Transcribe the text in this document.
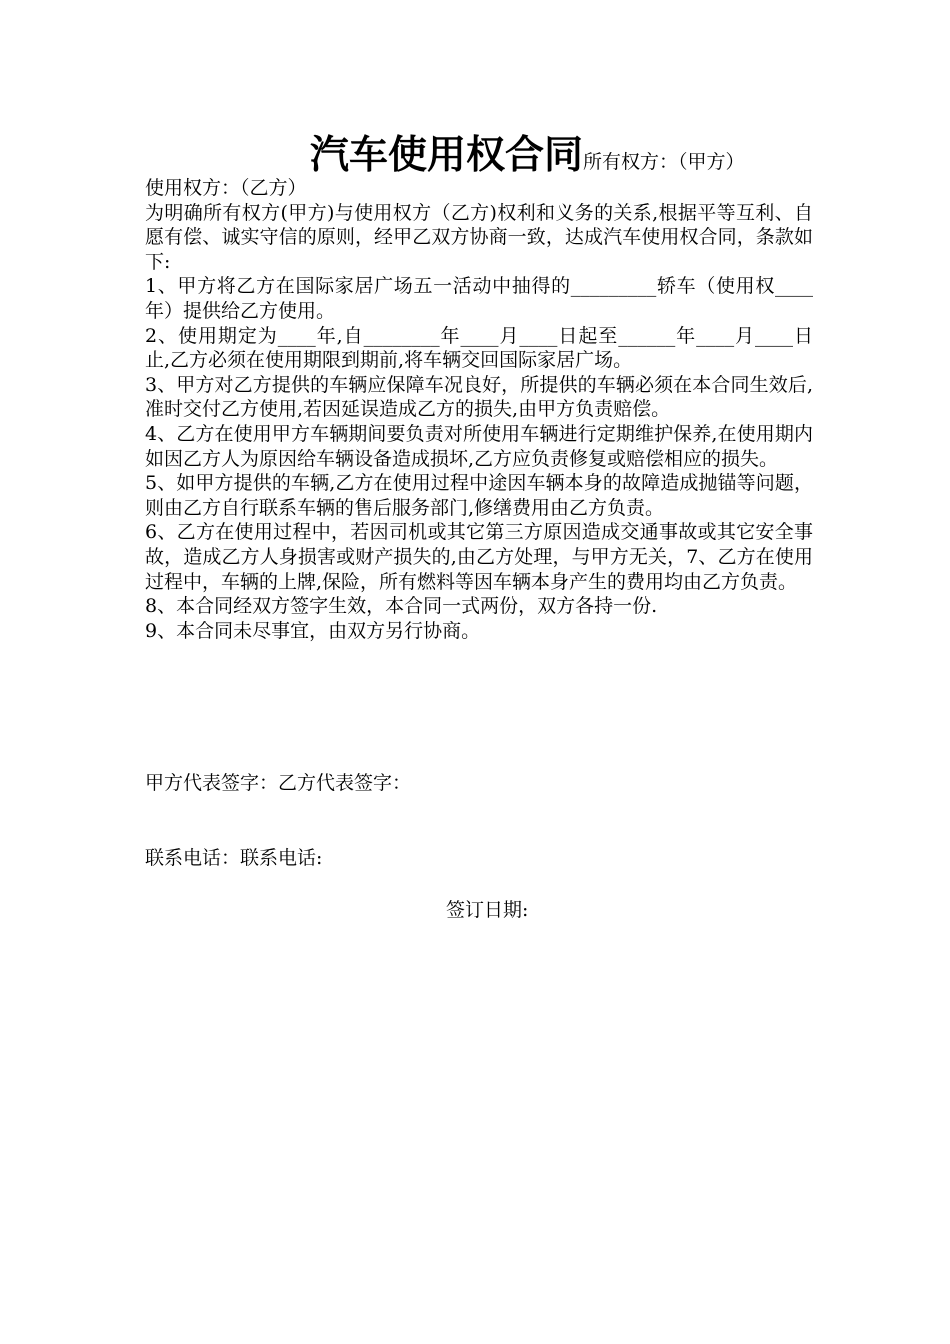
汽车使用权合同所有权方：（甲方）

使用权方：（乙方）

为明确所有权方(甲方)与使用权方（乙方)权利和义务的关系,根据平等互利、自愿有偿、诚实守信的原则，经甲乙双方协商一致，达成汽车使用权合同，条款如下:

1、甲方将乙方在国际家居广场五一活动中抽得的_________轿车（使用权____年）提供给乙方使用。

2、使用期定为____年,自________年____月____日起至______年____月____日止,乙方必须在使用期限到期前,将车辆交回国际家居广场。

3、甲方对乙方提供的车辆应保障车况良好，所提供的车辆必须在本合同生效后,准时交付乙方使用,若因延误造成乙方的损失,由甲方负责赔偿。

4、乙方在使用甲方车辆期间要负责对所使用车辆进行定期维护保养,在使用期内如因乙方人为原因给车辆设备造成损坏,乙方应负责修复或赔偿相应的损失。

5、如甲方提供的车辆,乙方在使用过程中途因车辆本身的故障造成抛锚等问题，则由乙方自行联系车辆的售后服务部门,修缮费用由乙方负责。

6、乙方在使用过程中，若因司机或其它第三方原因造成交通事故或其它安全事故，造成乙方人身损害或财产损失的,由乙方处理，与甲方无关，7、乙方在使用过程中，车辆的上牌,保险，所有燃料等因车辆本身产生的费用均由乙方负责。

8、本合同经双方签字生效，本合同一式两份，双方各持一份.

9、本合同未尽事宜，由双方另行协商。

甲方代表签字：乙方代表签字：
联系电话：联系电话:
签订日期:
